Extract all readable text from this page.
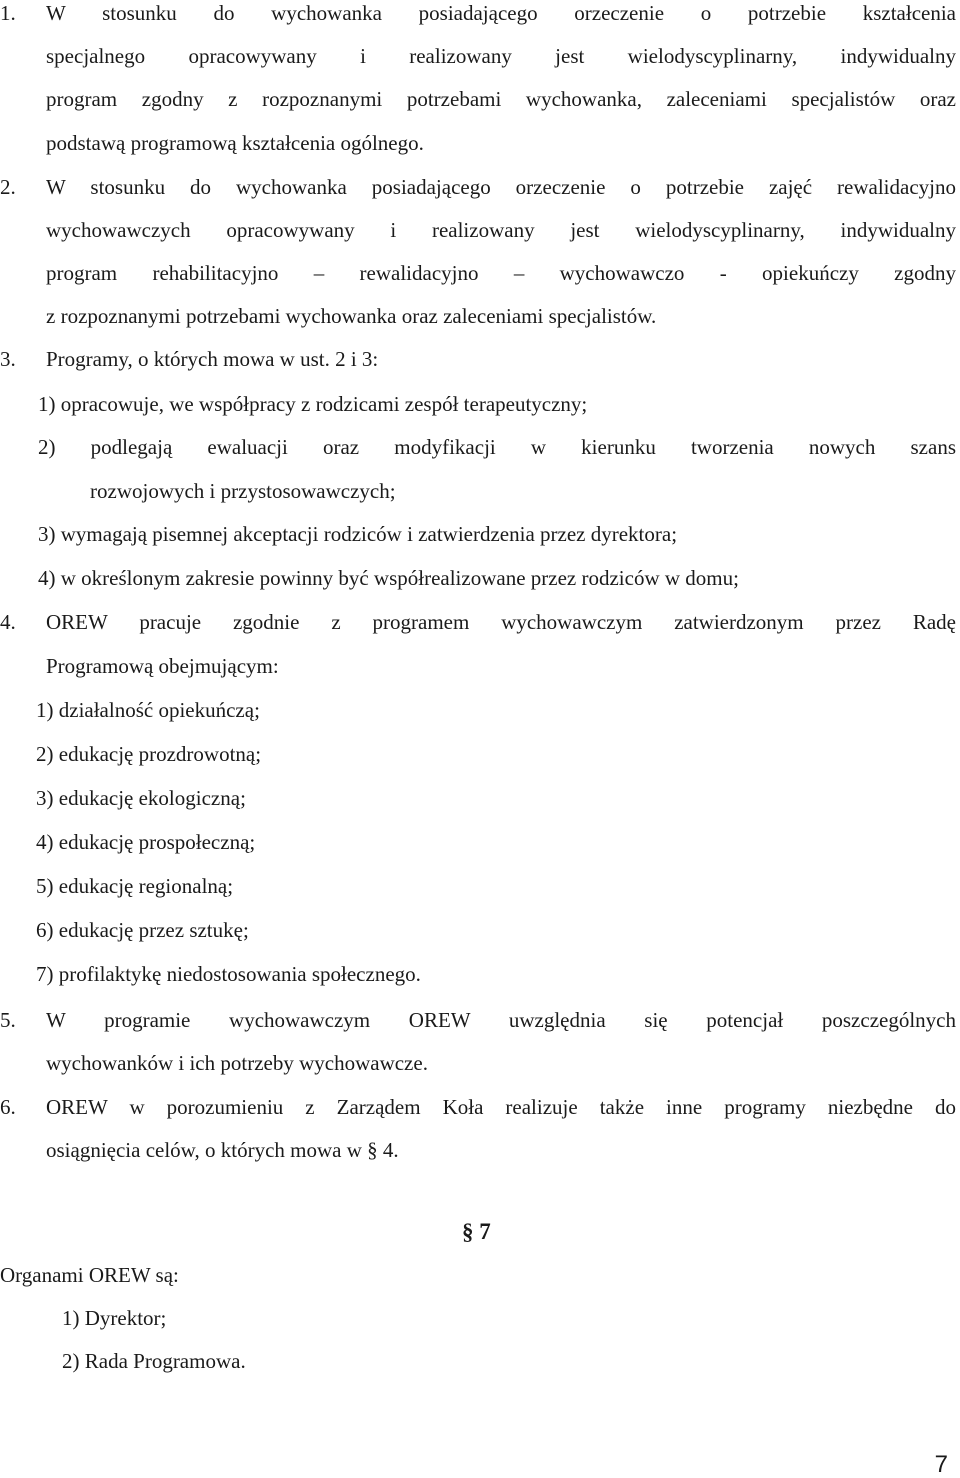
1. W stosunku do wychowanka posiadającego orzeczenie o potrzebie kształcenia
specjalnego opracowywany i realizowany jest wielodyscyplinarny, indywidualny
program zgodny z rozpoznanymi potrzebami wychowanka, zaleceniami specjalistów oraz
podstawą programową kształcenia ogólnego.
2. W stosunku do wychowanka posiadającego orzeczenie o potrzebie zajęć rewalidacyjno
wychowawczych opracowywany i realizowany jest wielodyscyplinarny, indywidualny
program rehabilitacyjno – rewalidacyjno – wychowawczo - opiekuńczy zgodny
z rozpoznanymi potrzebami wychowanka oraz zaleceniami specjalistów.
3. Programy, o których mowa w ust. 2 i 3:
1) opracowuje, we współpracy z rodzicami zespół terapeutyczny;
2) podlegają ewaluacji oraz modyfikacji w kierunku tworzenia nowych szans
rozwojowych i przystosowawczych;
3) wymagają pisemnej akceptacji rodziców i zatwierdzenia przez dyrektora;
4) w określonym zakresie powinny być współrealizowane przez rodziców w domu;
4. OREW pracuje zgodnie z programem wychowawczym zatwierdzonym przez Radę
Programową obejmującym:
1) działalność opiekuńczą;
2) edukację prozdrowotną;
3) edukację ekologiczną;
4) edukację prospołeczną;
5) edukację regionalną;
6) edukację przez sztukę;
7) profilaktykę niedostosowania społecznego.
5. W programie wychowawczym OREW uwzględnia się potencjał poszczególnych
wychowanków i ich potrzeby wychowawcze.
6. OREW w porozumieniu z Zarządem Koła realizuje także inne programy niezbędne do
osiągnięcia celów, o których mowa w § 4.
§ 7
Organami OREW są:
1) Dyrektor;
2) Rada Programowa.
7
